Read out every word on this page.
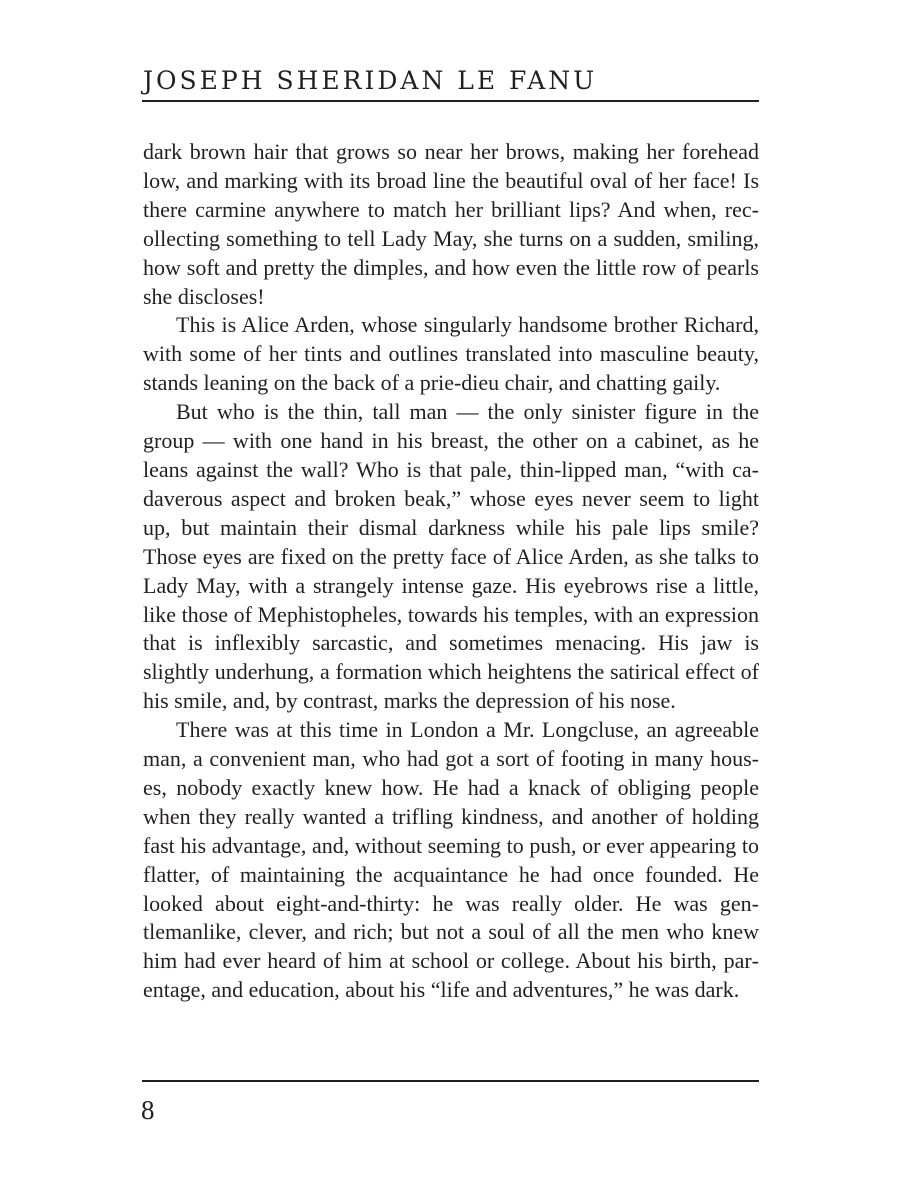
JOSEPH SHERIDAN LE FANU

dark brown hair that grows so near her brows, making her forehead low, and marking with its broad line the beautiful oval of her face! Is there carmine anywhere to match her brilliant lips? And when, recollecting something to tell Lady May, she turns on a sudden, smiling, how soft and pretty the dimples, and how even the little row of pearls she discloses!

This is Alice Arden, whose singularly handsome brother Richard, with some of her tints and outlines translated into masculine beauty, stands leaning on the back of a prie-dieu chair, and chatting gaily.

But who is the thin, tall man — the only sinister figure in the group — with one hand in his breast, the other on a cabinet, as he leans against the wall? Who is that pale, thin-lipped man, “with cadaverous aspect and broken beak,” whose eyes never seem to light up, but maintain their dismal darkness while his pale lips smile? Those eyes are fixed on the pretty face of Alice Arden, as she talks to Lady May, with a strangely intense gaze. His eyebrows rise a little, like those of Mephistopheles, towards his temples, with an expression that is inflexibly sarcastic, and sometimes menacing. His jaw is slightly underhung, a formation which heightens the satirical effect of his smile, and, by contrast, marks the depression of his nose.

There was at this time in London a Mr. Longcluse, an agreeable man, a convenient man, who had got a sort of footing in many houses, nobody exactly knew how. He had a knack of obliging people when they really wanted a trifling kindness, and another of holding fast his advantage, and, without seeming to push, or ever appearing to flatter, of maintaining the acquaintance he had once founded. He looked about eight-and-thirty: he was really older. He was gentlemanlike, clever, and rich; but not a soul of all the men who knew him had ever heard of him at school or college. About his birth, parentage, and education, about his “life and adventures,” he was dark.

8
